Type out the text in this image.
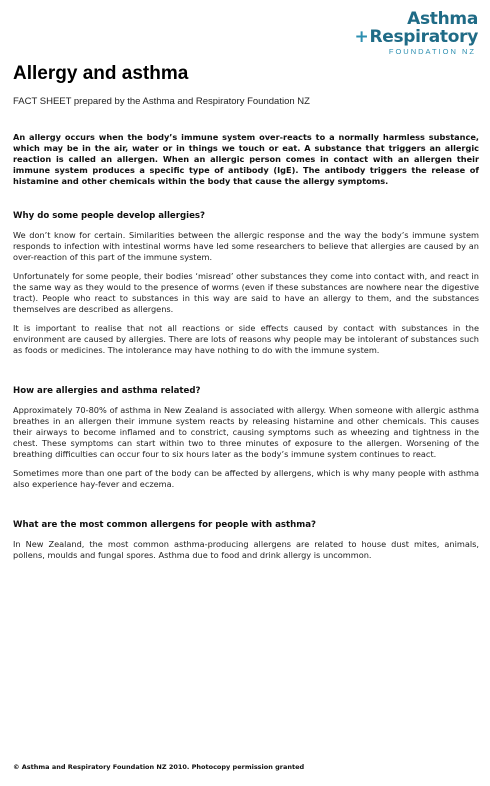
Asthma
+Respiratory
FOUNDATION NZ
Allergy and asthma
FACT SHEET prepared by the Asthma and Respiratory Foundation NZ

An allergy occurs when the body’s immune system over-reacts to a normally harmless substance, which may be in the air, water or in things we touch or eat. A substance that triggers an allergic reaction is called an allergen. When an allergic person comes in contact with an allergen their immune system produces a specific type of antibody (IgE). The antibody triggers the release of histamine and other chemicals within the body that cause the allergy symptoms.

Why do some people develop allergies?

We don’t know for certain. Similarities between the allergic response and the way the body’s immune system responds to infection with intestinal worms have led some researchers to believe that allergies are caused by an over-reaction of this part of the immune system.

Unfortunately for some people, their bodies ‘misread’ other substances they come into contact with, and react in the same way as they would to the presence of worms (even if these substances are nowhere near the digestive tract). People who react to substances in this way are said to have an allergy to them, and the substances themselves are described as allergens.

It is important to realise that not all reactions or side effects caused by contact with substances in the environment are caused by allergies. There are lots of reasons why people may be intolerant of substances such as foods or medicines. The intolerance may have nothing to do with the immune system.

How are allergies and asthma related?

Approximately 70-80% of asthma in New Zealand is associated with allergy. When someone with allergic asthma breathes in an allergen their immune system reacts by releasing histamine and other chemicals. This causes their airways to become inflamed and to constrict, causing symptoms such as wheezing and tightness in the chest. These symptoms can start within two to three minutes of exposure to the allergen. Worsening of the breathing difficulties can occur four to six hours later as the body’s immune system continues to react.

Sometimes more than one part of the body can be affected by allergens, which is why many people with asthma also experience hay-fever and eczema.

What are the most common allergens for people with asthma?

In New Zealand, the most common asthma-producing allergens are related to house dust mites, animals, pollens, moulds and fungal spores. Asthma due to food and drink allergy is uncommon.

© Asthma and Respiratory Foundation NZ 2010. Photocopy permission granted
